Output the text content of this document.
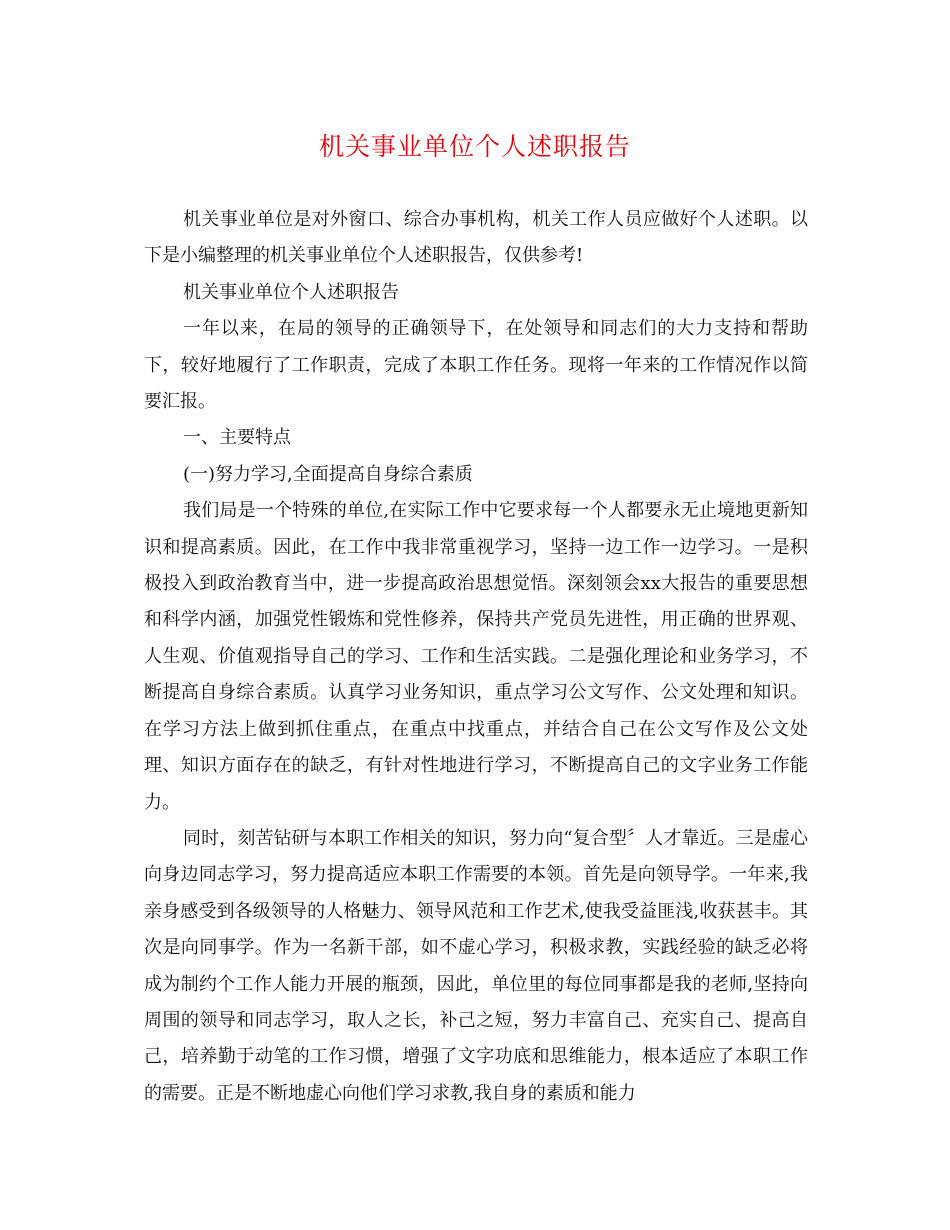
机关事业单位个人述职报告

机关事业单位是对外窗口、综合办事机构，机关工作人员应做好个人述职。以下是小编整理的机关事业单位个人述职报告，仅供参考!

机关事业单位个人述职报告

一年以来，在局的领导的正确领导下，在处领导和同志们的大力支持和帮助下，较好地履行了工作职责，完成了本职工作任务。现将一年来的工作情况作以简要汇报。

一、主要特点

(一)努力学习,全面提高自身综合素质

我们局是一个特殊的单位,在实际工作中它要求每一个人都要永无止境地更新知识和提高素质。因此，在工作中我非常重视学习，坚持一边工作一边学习。一是积极投入到政治教育当中，进一步提高政治思想觉悟。深刻领会xx大报告的重要思想和科学内涵，加强党性锻炼和党性修养，保持共产党员先进性，用正确的世界观、人生观、价值观指导自己的学习、工作和生活实践。二是强化理论和业务学习，不断提高自身综合素质。认真学习业务知识，重点学习公文写作、公文处理和知识。在学习方法上做到抓住重点，在重点中找重点，并结合自己在公文写作及公文处理、知识方面存在的缺乏，有针对性地进行学习，不断提高自己的文字业务工作能力。

同时，刻苦钻研与本职工作相关的知识，努力向“复合型〞人才靠近。三是虚心向身边同志学习，努力提高适应本职工作需要的本领。首先是向领导学。一年来,我亲身感受到各级领导的人格魅力、领导风范和工作艺术,使我受益匪浅,收获甚丰。其次是向同事学。作为一名新干部，如不虚心学习，积极求教，实践经验的缺乏必将成为制约个工作人能力开展的瓶颈，因此，单位里的每位同事都是我的老师,坚持向周围的领导和同志学习，取人之长，补己之短，努力丰富自己、充实自己、提高自己，培养勤于动笔的工作习惯，增强了文字功底和思维能力，根本适应了本职工作的需要。正是不断地虚心向他们学习求教,我自身的素质和能力
